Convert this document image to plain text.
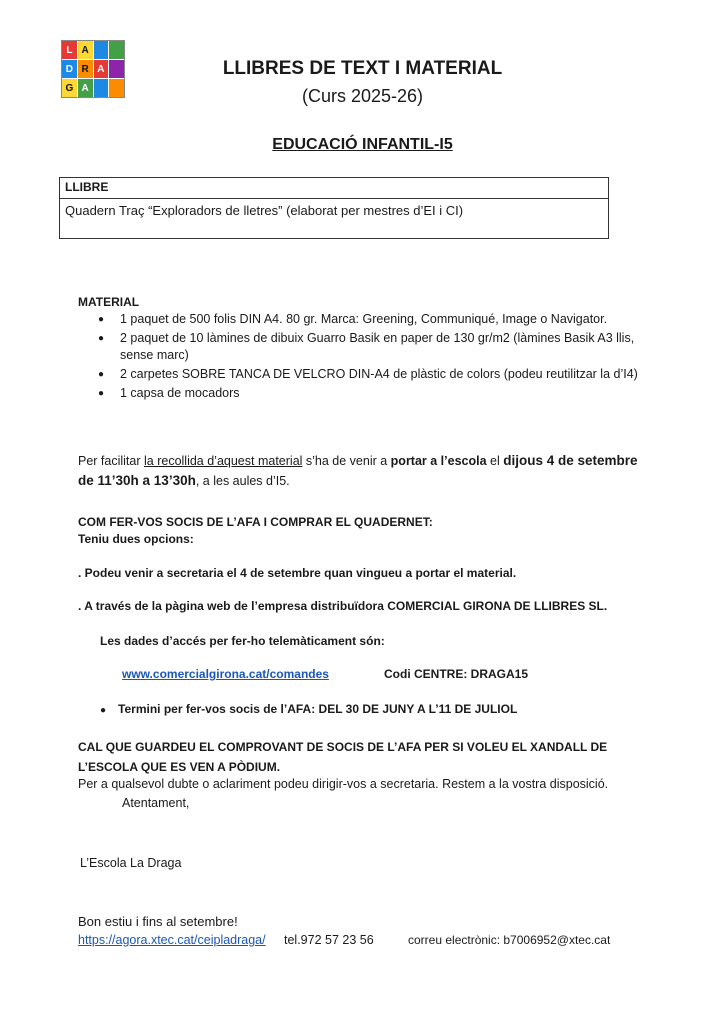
L A
D R A
G A
LLIBRES DE TEXT I MATERIAL
(Curs 2025-26)
EDUCACIÓ INFANTIL-I5
LLIBRE
Quadern Traç “Exploradors de lletres” (elaborat per mestres d’EI i CI)
MATERIAL
● 1 paquet de 500 folis DIN A4. 80 gr. Marca: Greening, Communiqué, Image o Navigator.
● 2 paquet de 10 làmines de dibuix Guarro Basik en paper de 130 gr/m2 (làmines Basik A3 llis, sense marc)
● 2 carpetes SOBRE TANCA DE VELCRO DIN-A4 de plàstic de colors (podeu reutilitzar la d’I4)
● 1 capsa de mocadors
Per facilitar la recollida d’aquest material s’ha de venir a portar a l’escola el dijous 4 de setembre de 11’30h a 13’30h, a les aules d’I5.
COM FER-VOS SOCIS DE L’AFA I COMPRAR EL QUADERNET:
Teniu dues opcions:
. Podeu venir a secretaria el 4 de setembre quan vingueu a portar el material.
. A través de la pàgina web de l’empresa distribuïdora COMERCIAL GIRONA DE LLIBRES SL.
Les dades d’accés per fer-ho telemàticament són:
www.comercialgirona.cat/comandes	Codi CENTRE: DRAGA15
● Termini per fer-vos socis de l’AFA: DEL 30 DE JUNY A L’11 DE JULIOL
CAL QUE GUARDEU EL COMPROVANT DE SOCIS DE L’AFA PER SI VOLEU EL XANDALL DE L’ESCOLA QUE ES VEN A PÒDIUM.
Per a qualsevol dubte o aclariment podeu dirigir-vos a secretaria. Restem a la vostra disposició.
Atentament,
L’Escola La Draga
Bon estiu i fins al setembre!
https://agora.xtec.cat/ceipladraga/ tel.972 57 23 56	correu electrònic: b7006952@xtec.cat
